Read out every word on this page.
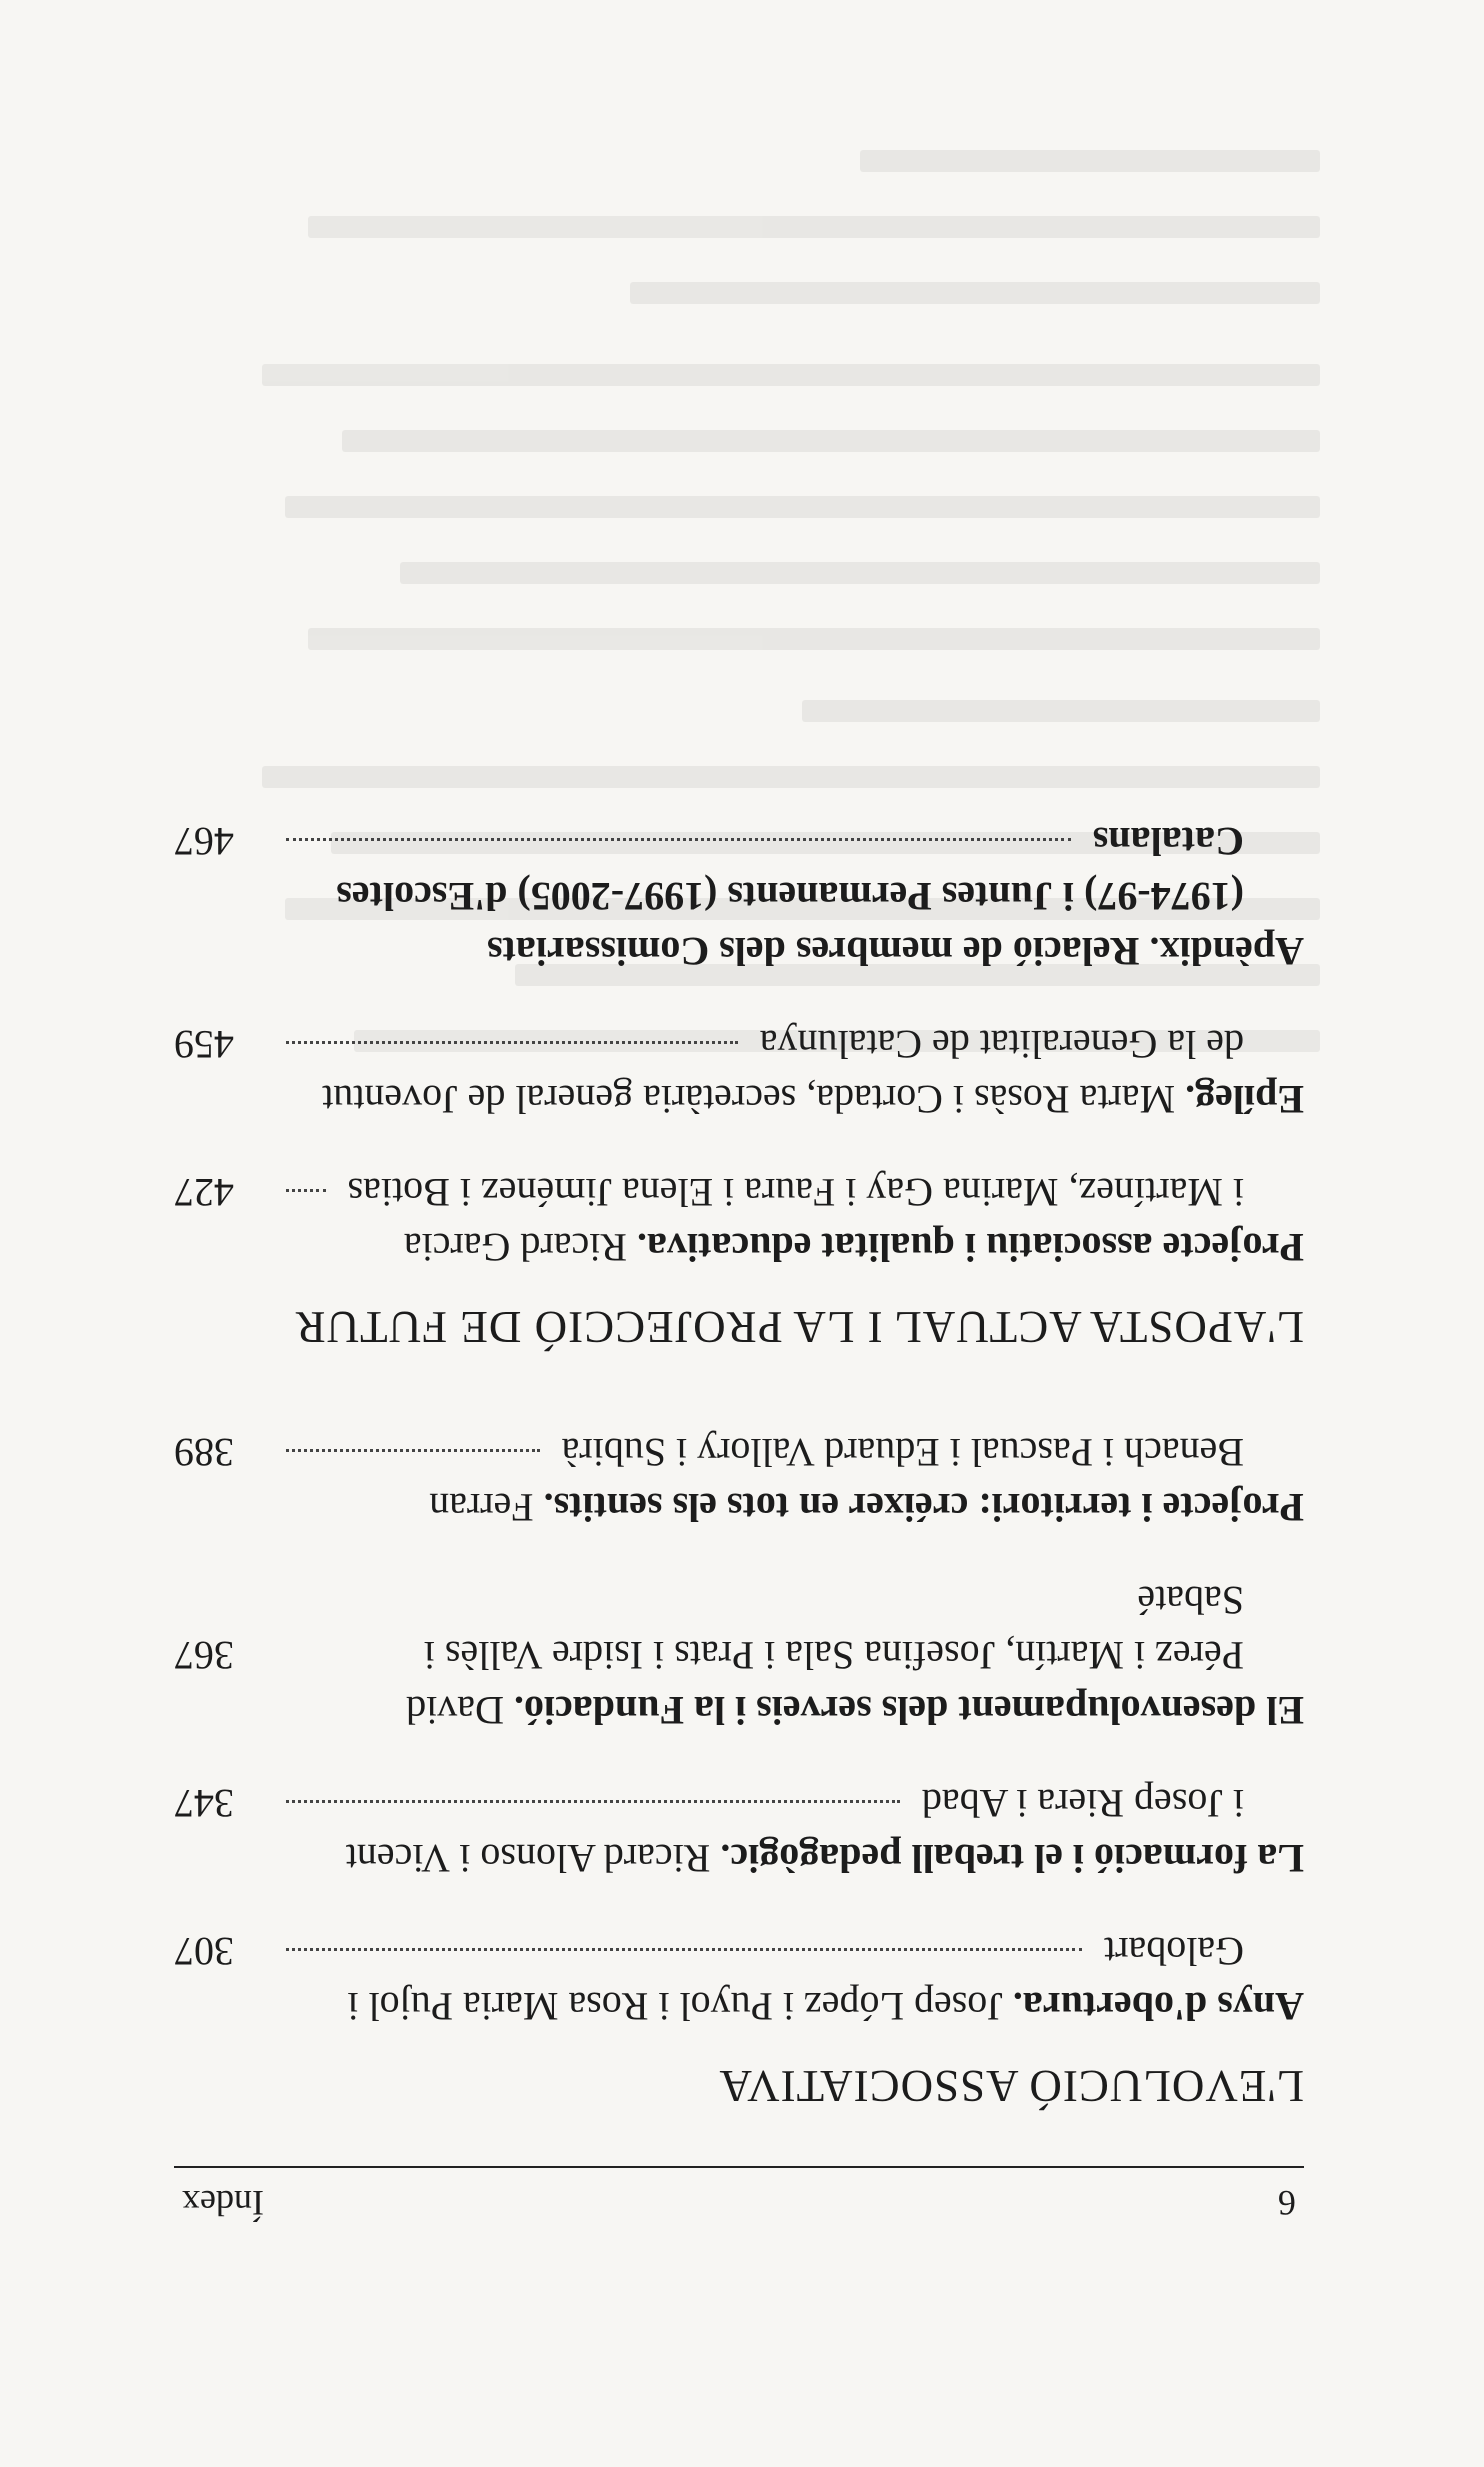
6
Índex
L'EVOLUCIÓ ASSOCIATIVA
Anys d'obertura. Josep López i Puyol i Rosa Maria Pujol i
Galobart
307
La formació i el treball pedagògic. Ricard Alonso i Vicent
i Josep Riera i Abad
347
El desenvolupament dels serveis i la Fundació. David
Pérez i Martín, Josefina Sala i Prats i Isidre Vallès i Sabaté
367
Projecte i territori: créixer en tots els sentits. Ferran
Benach i Pascual i Eduard Vallory i Subirà
389
L'APOSTA ACTUAL I LA PROJECCIÓ DE FUTUR
Projecte associatiu i qualitat educativa. Ricard Garcia
i Martínez, Marina Gay i Faura i Elena Jiménez i Botias
427
Epíleg. Marta Rosàs i Cortada, secretària general de Joventut
de la Generalitat de Catalunya
459
Apèndix. Relació de membres dels Comissariats
(1974-97) i Juntes Permanents (1997-2005) d'Escoltes
Catalans
467
